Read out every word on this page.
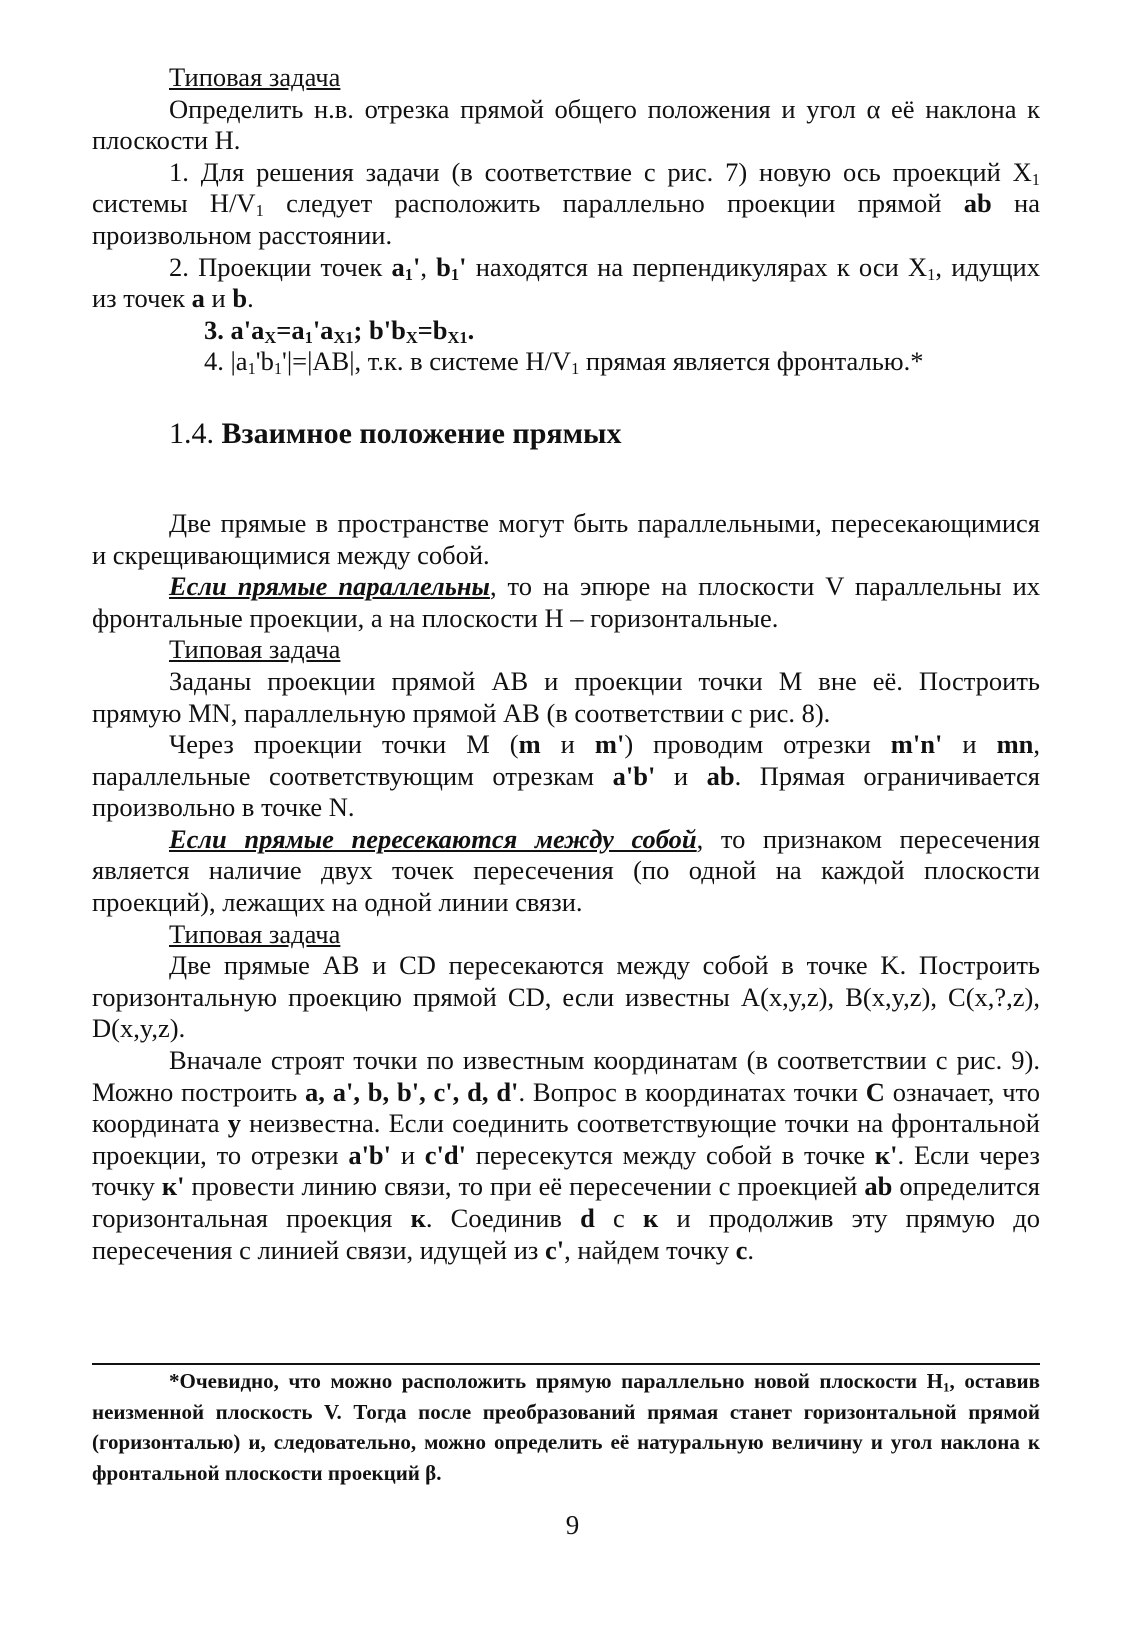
Типовая задача

Определить н.в. отрезка прямой общего положения и угол α её наклона к плоскости H.

1. Для решения задачи (в соответствие с рис. 7) новую ось проекций $X_1$ системы $H/V_1$ следует расположить параллельно проекции прямой ab на произвольном расстоянии.

2. Проекции точек $a_1'$, $b_1'$ находятся на перпендикулярах к оси $X_1$, идущих из точек a и b.

3. $a'a_X=a_1'a_{X1}$; $b'b_X=b_{X1}$.

4. $|a_1'b_1'|=|AB|$, т.к. в системе $H/V_1$ прямая является фронталью.*

1.4. Взаимное положение прямых

Две прямые в пространстве могут быть параллельными, пересекающимися и скрещивающимися между собой.

Если прямые параллельны, то на эпюре на плоскости V параллельны их фронтальные проекции, а на плоскости H – горизонтальные.

Типовая задача

Заданы проекции прямой AB и проекции точки M вне её. Построить прямую MN, параллельную прямой AB (в соответствии с рис. 8).

Через проекции точки M (m и m') проводим отрезки m'n' и mn, параллельные соответствующим отрезкам a'b' и ab. Прямая ограничивается произвольно в точке N.

Если прямые пересекаются между собой, то признаком пересечения является наличие двух точек пересечения (по одной на каждой плоскости проекций), лежащих на одной линии связи.

Типовая задача

Две прямые AB и CD пересекаются между собой в точке K. Построить горизонтальную проекцию прямой CD, если известны A(x,y,z), B(x,y,z), C(x,?,z), D(x,y,z).

Вначале строят точки по известным координатам (в соответствии с рис. 9). Можно построить a, a', b, b', c', d, d'. Вопрос в координатах точки C означает, что координата y неизвестна. Если соединить соответствующие точки на фронтальной проекции, то отрезки a'b' и c'd' пересекутся между собой в точке к'. Если через точку к' провести линию связи, то при её пересечении с проекцией ab определится горизонтальная проекция к. Соединив d с к и продолжив эту прямую до пересечения с линией связи, идущей из с', найдем точку с.

*Очевидно, что можно расположить прямую параллельно новой плоскости $H_1$, оставив неизменной плоскость V. Тогда после преобразований прямая станет горизонтальной прямой (горизонталью) и, следовательно, можно определить её натуральную величину и угол наклона к фронтальной плоскости проекций β.

9
